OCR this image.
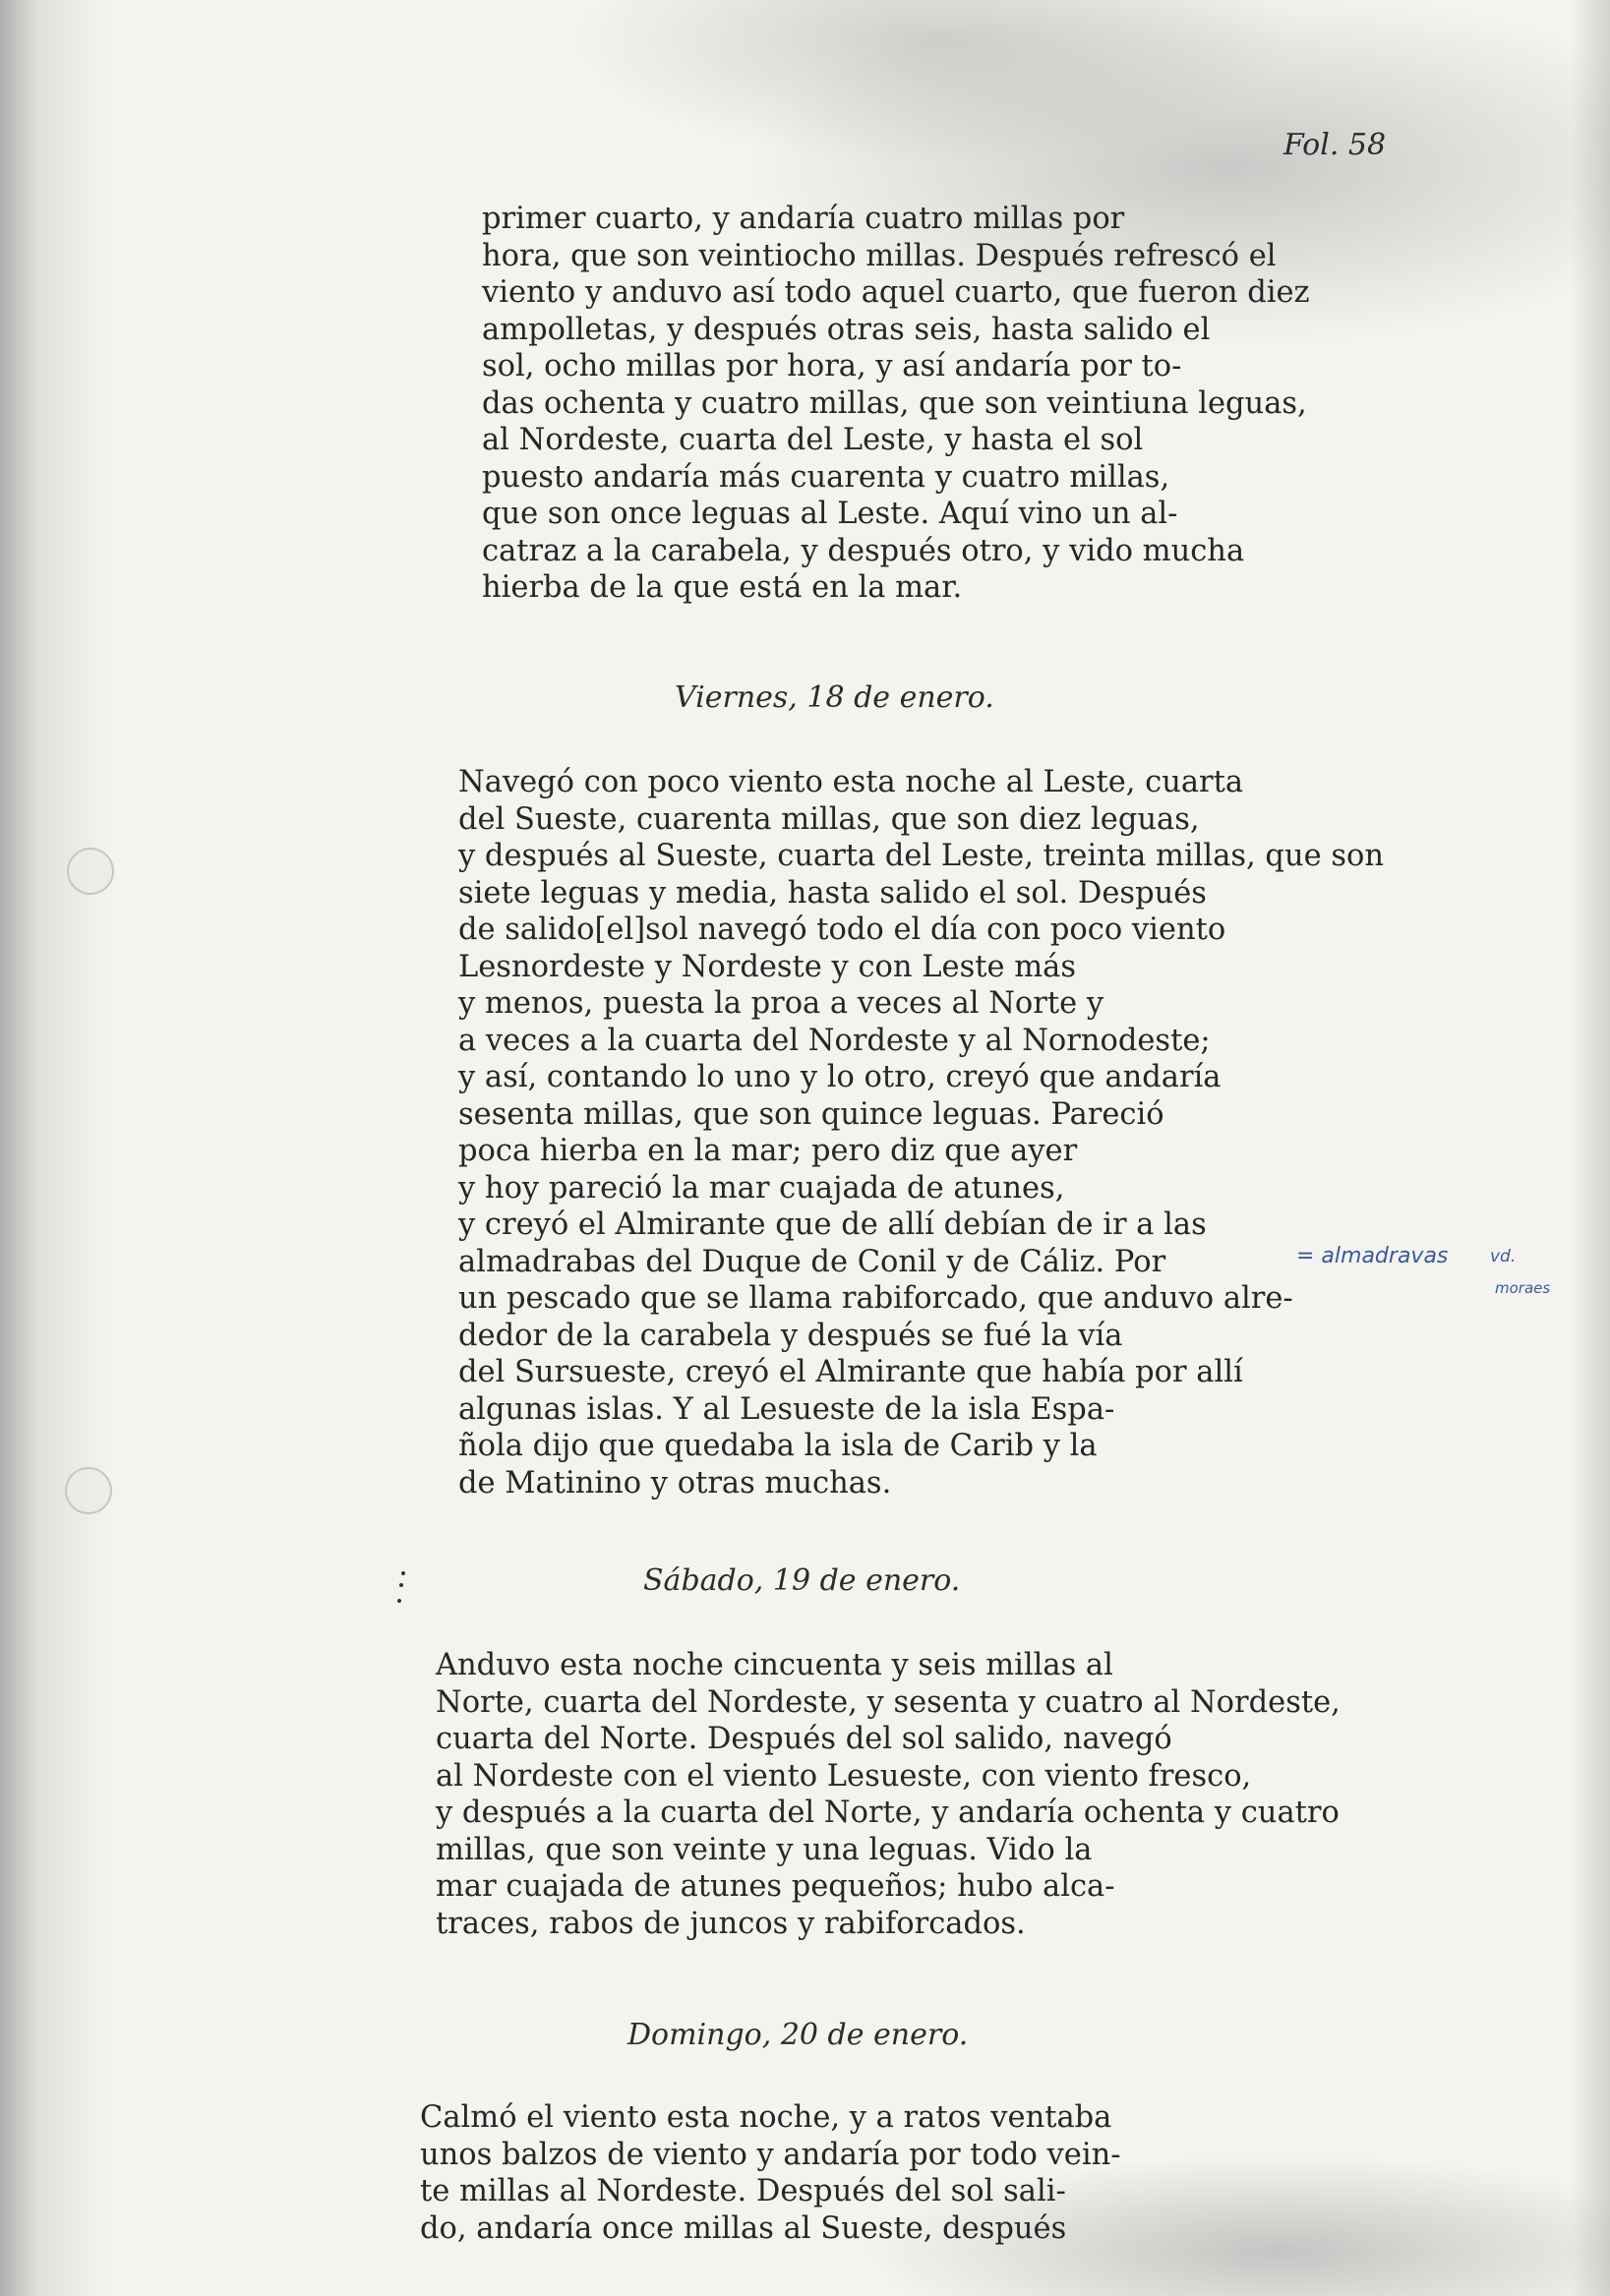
Fol. 58
primer cuarto, y andaría cuatro millas por
hora, que son veintiocho millas. Después refrescó el
viento y anduvo así todo aquel cuarto, que fueron diez
ampolletas, y después otras seis, hasta salido el
sol, ocho millas por hora, y así andaría por to-
das ochenta y cuatro millas, que son veintiuna leguas,
al Nordeste, cuarta del Leste, y hasta el sol
puesto andaría más cuarenta y cuatro millas,
que son once leguas al Leste. Aquí vino un al-
catraz a la carabela, y después otro, y vido mucha
hierba de la que está en la mar.
Viernes, 18 de enero.
Navegó con poco viento esta noche al Leste, cuarta
del Sueste, cuarenta millas, que son diez leguas,
y después al Sueste, cuarta del Leste, treinta millas, que son
siete leguas y media, hasta salido el sol. Después
de salido[el]sol navegó todo el día con poco viento
Lesnordeste y Nordeste y con Leste más
y menos, puesta la proa a veces al Norte y
a veces a la cuarta del Nordeste y al Nornodeste;
y así, contando lo uno y lo otro, creyó que andaría
sesenta millas, que son quince leguas. Pareció
poca hierba en la mar; pero diz que ayer
y hoy pareció la mar cuajada de atunes,
y creyó el Almirante que de allí debían de ir a las
almadrabas del Duque de Conil y de Cáliz. Por
un pescado que se llama rabiforcado, que anduvo alre-
dedor de la carabela y después se fué la vía
del Sursueste, creyó el Almirante que había por allí
algunas islas. Y al Lesueste de la isla Espa-
ñola dijo que quedaba la isla de Carib y la
de Matinino y otras muchas.
Sábado, 19 de enero.
Anduvo esta noche cincuenta y seis millas al
Norte, cuarta del Nordeste, y sesenta y cuatro al Nordeste,
cuarta del Norte. Después del sol salido, navegó
al Nordeste con el viento Lesueste, con viento fresco,
y después a la cuarta del Norte, y andaría ochenta y cuatro
millas, que son veinte y una leguas. Vido la
mar cuajada de atunes pequeños; hubo alca-
traces, rabos de juncos y rabiforcados.
Domingo, 20 de enero.
Calmó el viento esta noche, y a ratos ventaba
unos balzos de viento y andaría por todo vein-
te millas al Nordeste. Después del sol sali-
do, andaría once millas al Sueste, después
= almadravas	vd.
moraes
